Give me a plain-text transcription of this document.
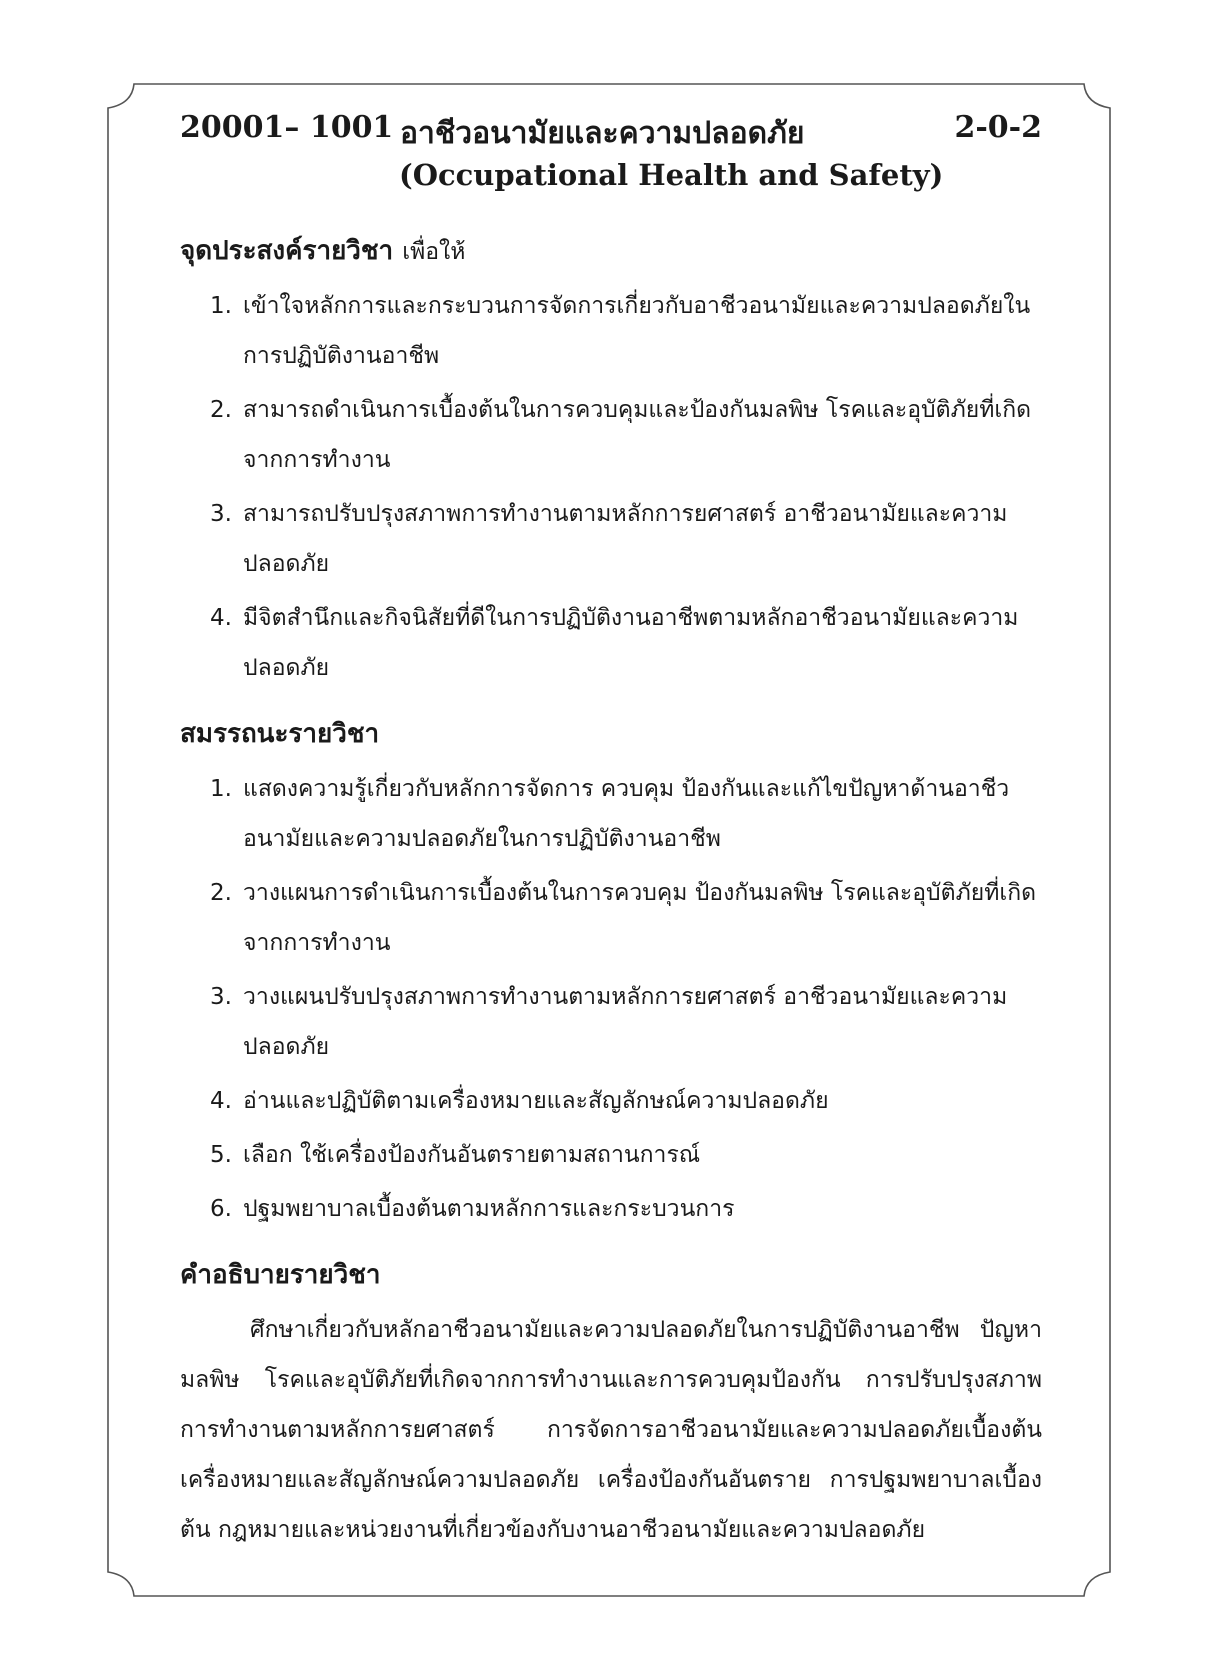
20001– 1001 อาชีวอนามัยและความปลอดภัย	2-0-2
(Occupational Health and Safety)
จุดประสงค์รายวิชา เพื่อให้
1. เข้าใจหลักการและกระบวนการจัดการเกี่ยวกับอาชีวอนามัยและความปลอดภัยในการปฏิบัติงานอาชีพ
2. สามารถดำเนินการเบื้องต้นในการควบคุมและป้องกันมลพิษ โรคและอุบัติภัยที่เกิดจากการทำงาน
3. สามารถปรับปรุงสภาพการทำงานตามหลักการยศาสตร์ อาชีวอนามัยและความปลอดภัย
4. มีจิตสำนึกและกิจนิสัยที่ดีในการปฏิบัติงานอาชีพตามหลักอาชีวอนามัยและความปลอดภัย
สมรรถนะรายวิชา
1. แสดงความรู้เกี่ยวกับหลักการจัดการ ควบคุม ป้องกันและแก้ไขปัญหาด้านอาชีวอนามัยและความปลอดภัยในการปฏิบัติงานอาชีพ
2. วางแผนการดำเนินการเบื้องต้นในการควบคุม ป้องกันมลพิษ โรคและอุบัติภัยที่เกิดจากการทำงาน
3. วางแผนปรับปรุงสภาพการทำงานตามหลักการยศาสตร์ อาชีวอนามัยและความปลอดภัย
4. อ่านและปฏิบัติตามเครื่องหมายและสัญลักษณ์ความปลอดภัย
5. เลือก ใช้เครื่องป้องกันอันตรายตามสถานการณ์
6. ปฐมพยาบาลเบื้องต้นตามหลักการและกระบวนการ
คำอธิบายรายวิชา

ศึกษาเกี่ยวกับหลักอาชีวอนามัยและความปลอดภัยในการปฏิบัติงานอาชีพ ปัญหามลพิษ โรคและอุบัติภัยที่เกิดจากการทำงานและการควบคุมป้องกัน การปรับปรุงสภาพการทำงานตามหลักการยศาสตร์ การจัดการอาชีวอนามัยและความปลอดภัยเบื้องต้น เครื่องหมายและสัญลักษณ์ความปลอดภัย เครื่องป้องกันอันตราย การปฐมพยาบาลเบื้องต้น กฎหมายและหน่วยงานที่เกี่ยวข้องกับงานอาชีวอนามัยและความปลอดภัย
